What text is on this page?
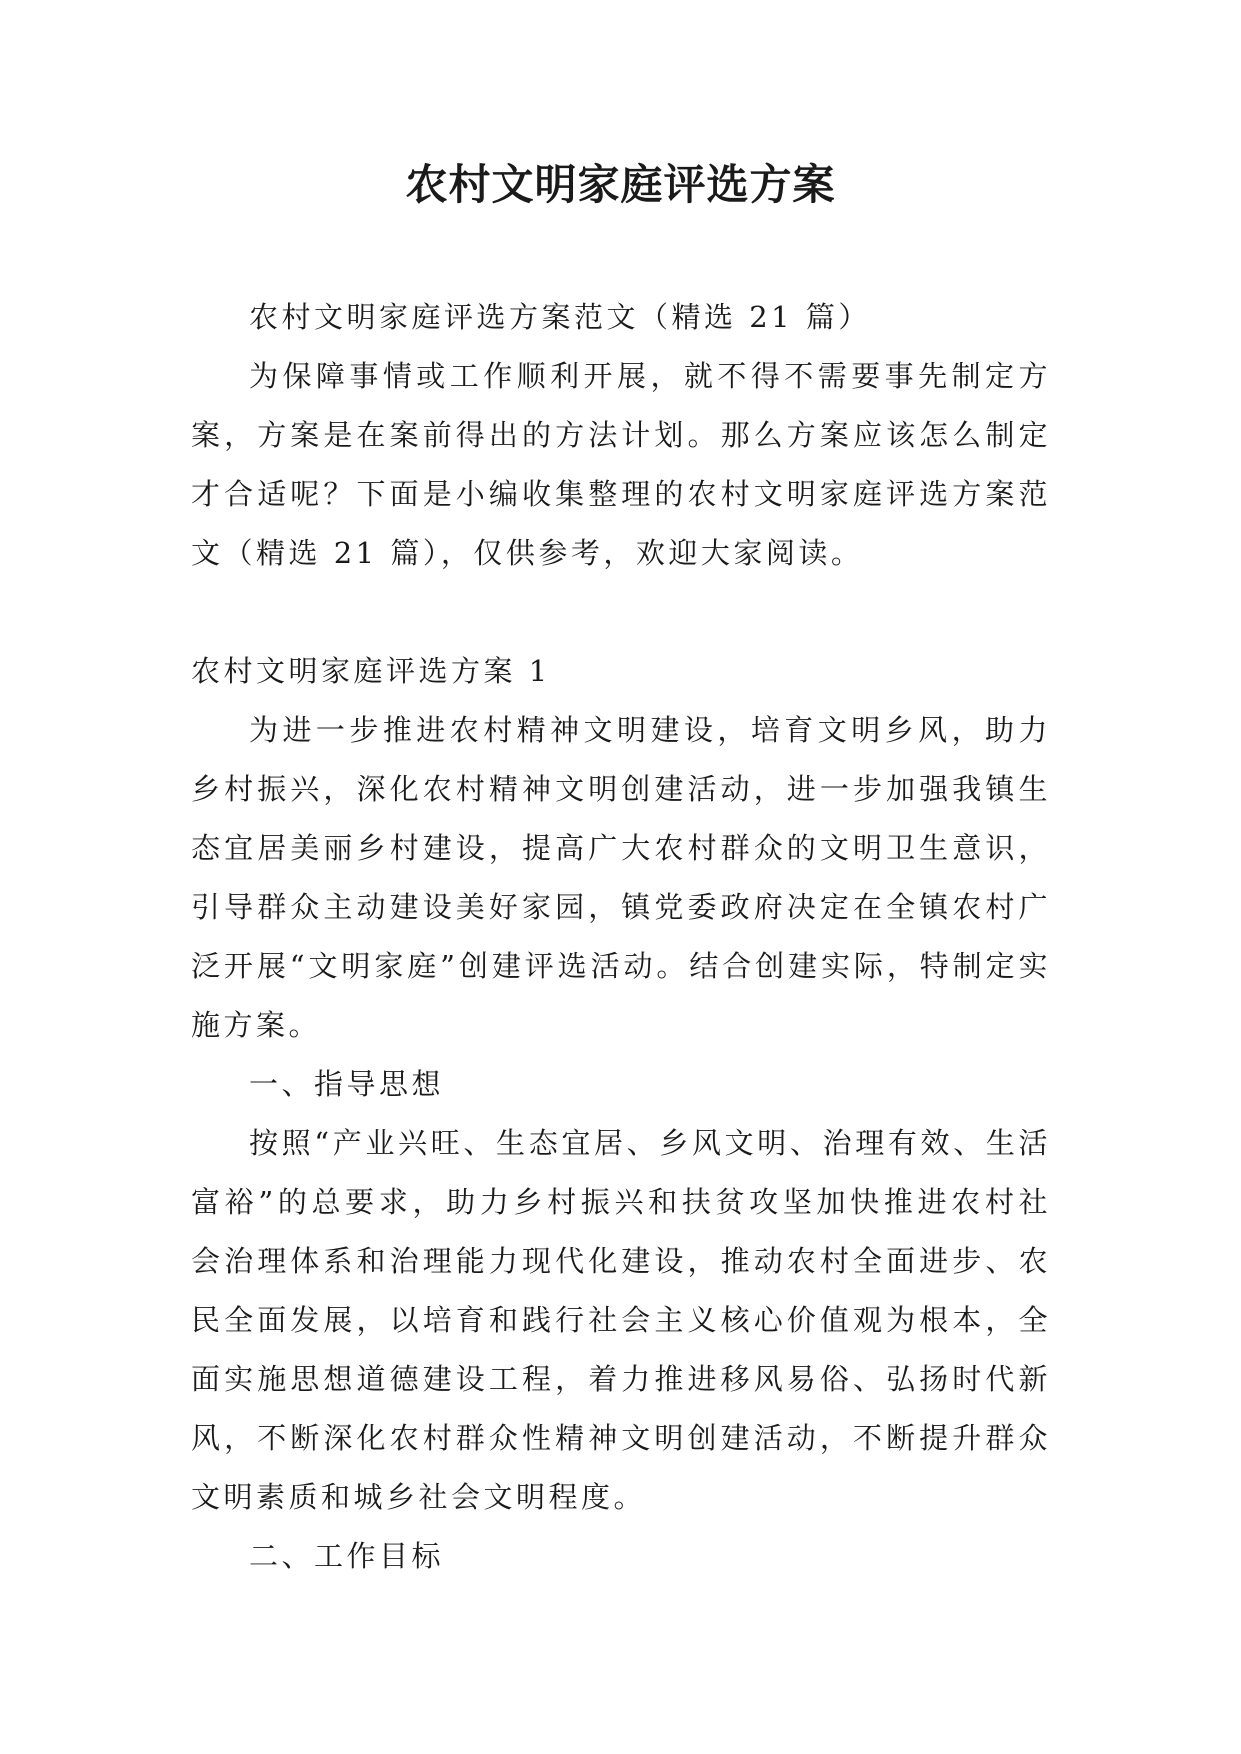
农村文明家庭评选方案

农村文明家庭评选方案范文（精选 21 篇）

为保障事情或工作顺利开展，就不得不需要事先制定方案，方案是在案前得出的方法计划。那么方案应该怎么制定才合适呢？下面是小编收集整理的农村文明家庭评选方案范文（精选 21 篇），仅供参考，欢迎大家阅读。

农村文明家庭评选方案 1

为进一步推进农村精神文明建设，培育文明乡风，助力乡村振兴，深化农村精神文明创建活动，进一步加强我镇生态宜居美丽乡村建设，提高广大农村群众的文明卫生意识，引导群众主动建设美好家园，镇党委政府决定在全镇农村广泛开展“文明家庭”创建评选活动。结合创建实际，特制定实施方案。

一、指导思想

按照“产业兴旺、生态宜居、乡风文明、治理有效、生活富裕”的总要求，助力乡村振兴和扶贫攻坚加快推进农村社会治理体系和治理能力现代化建设，推动农村全面进步、农民全面发展，以培育和践行社会主义核心价值观为根本，全面实施思想道德建设工程，着力推进移风易俗、弘扬时代新风，不断深化农村群众性精神文明创建活动，不断提升群众文明素质和城乡社会文明程度。

二、工作目标
